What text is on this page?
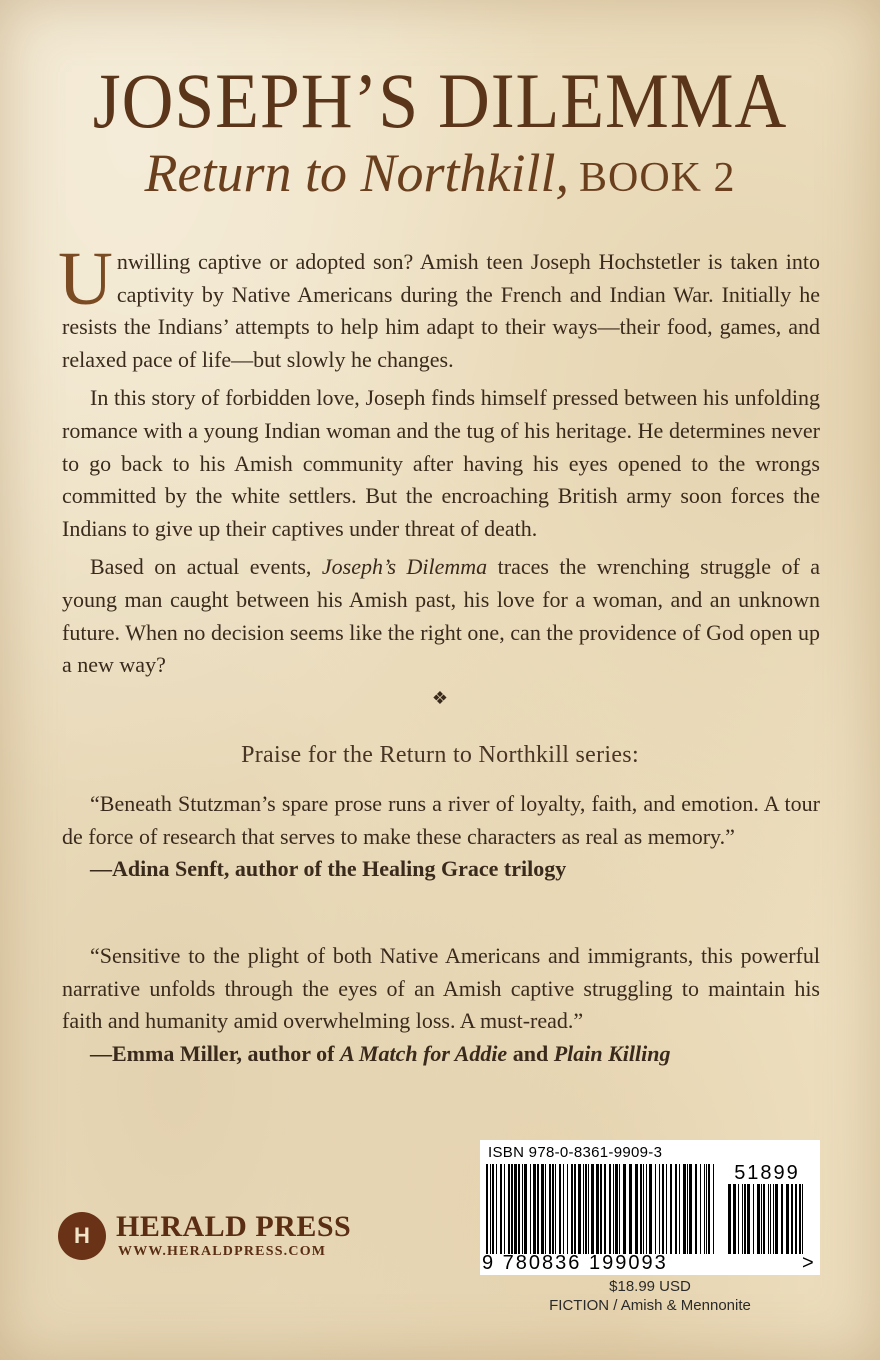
JOSEPH’S DILEMMA
Return to Northkill, BOOK 2

Unwilling captive or adopted son? Amish teen Joseph Hochstetler is taken into captivity by Native Americans during the French and Indian War. Initially he resists the Indians’ attempts to help him adapt to their ways—their food, games, and relaxed pace of life—but slowly he changes.

In this story of forbidden love, Joseph finds himself pressed between his unfolding romance with a young Indian woman and the tug of his heritage. He determines never to go back to his Amish community after having his eyes opened to the wrongs committed by the white settlers. But the encroaching British army soon forces the Indians to give up their captives under threat of death.

Based on actual events, Joseph’s Dilemma traces the wrenching struggle of a young man caught between his Amish past, his love for a woman, and an unknown future. When no decision seems like the right one, can the providence of God open up a new way?

❖
Praise for the Return to Northkill series:

“Beneath Stutzman’s spare prose runs a river of loyalty, faith, and emotion. A tour de force of research that serves to make these characters as real as memory.”

—Adina Senft, author of the Healing Grace trilogy

“Sensitive to the plight of both Native Americans and immigrants, this powerful narrative unfolds through the eyes of an Amish captive struggling to maintain his faith and humanity amid overwhelming loss. A must-read.”

—Emma Miller, author of A Match for Addie and Plain Killing

H HERALD PRESS
WWW.HERALDPRESS.COM
ISBN 978-0-8361-9909-3
51899
9 780836 199093	>
$18.99 USD
FICTION / Amish & Mennonite
